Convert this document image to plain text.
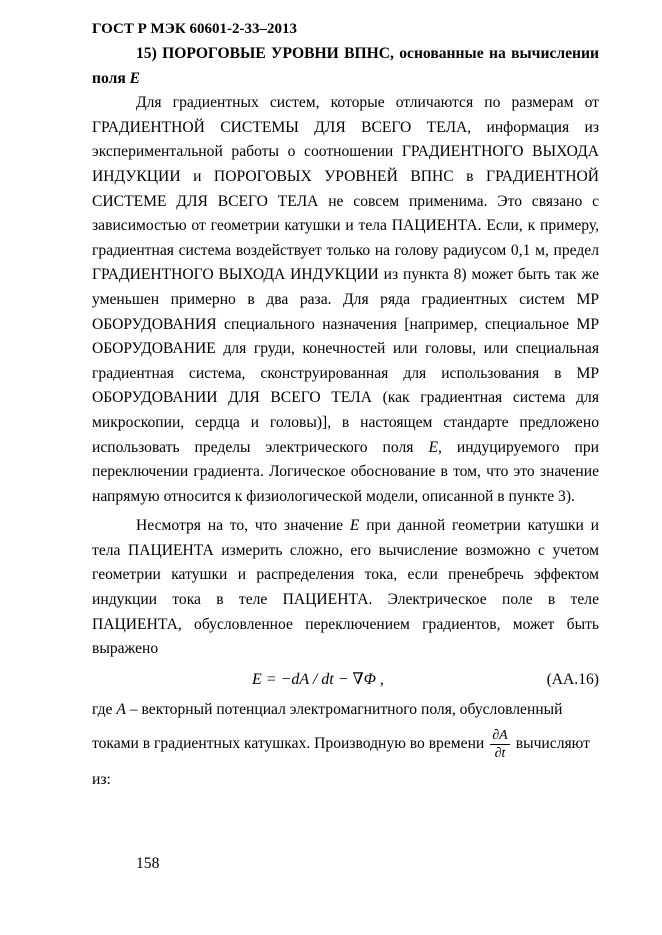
ГОСТ Р МЭК 60601-2-33–2013

15) ПОРОГОВЫЕ УРОВНИ ВПНС, основанные на вычислении поля E

Для градиентных систем, которые отличаются по размерам от ГРАДИЕНТНОЙ СИСТЕМЫ ДЛЯ ВСЕГО ТЕЛА, информация из экспериментальной работы о соотношении ГРАДИЕНТНОГО ВЫХОДА ИНДУКЦИИ и ПОРОГОВЫХ УРОВНЕЙ ВПНС в ГРАДИЕНТНОЙ СИСТЕМЕ ДЛЯ ВСЕГО ТЕЛА не совсем применима. Это связано с зависимостью от геометрии катушки и тела ПАЦИЕНТА. Если, к примеру, градиентная система воздействует только на голову радиусом 0,1 м, предел ГРАДИЕНТНОГО ВЫХОДА ИНДУКЦИИ из пункта 8) может быть так же уменьшен примерно в два раза. Для ряда градиентных систем МР ОБОРУДОВАНИЯ специального назначения [например, специальное МР ОБОРУДОВАНИЕ для груди, конечностей или головы, или специальная градиентная система, сконструированная для использования в МР ОБОРУДОВАНИИ ДЛЯ ВСЕГО ТЕЛА (как градиентная система для микроскопии, сердца и головы)], в настоящем стандарте предложено использовать пределы электрического поля E, индуцируемого при переключении градиента. Логическое обоснование в том, что это значение напрямую относится к физиологической модели, описанной в пункте 3).

Несмотря на то, что значение E при данной геометрии катушки и тела ПАЦИЕНТА измерить сложно, его вычисление возможно с учетом геометрии катушки и распределения тока, если пренебречь эффектом индукции тока в теле ПАЦИЕНТА. Электрическое поле в теле ПАЦИЕНТА, обусловленное переключением градиентов, может быть выражено

E = −dA / dt − ∇Φ ,	(АА.16)

где A – векторный потенциал электромагнитного поля, обусловленный

токами в градиентных катушках. Производную во времени $\frac{\partial A}{\partial t}$ вычисляют

из:

158
